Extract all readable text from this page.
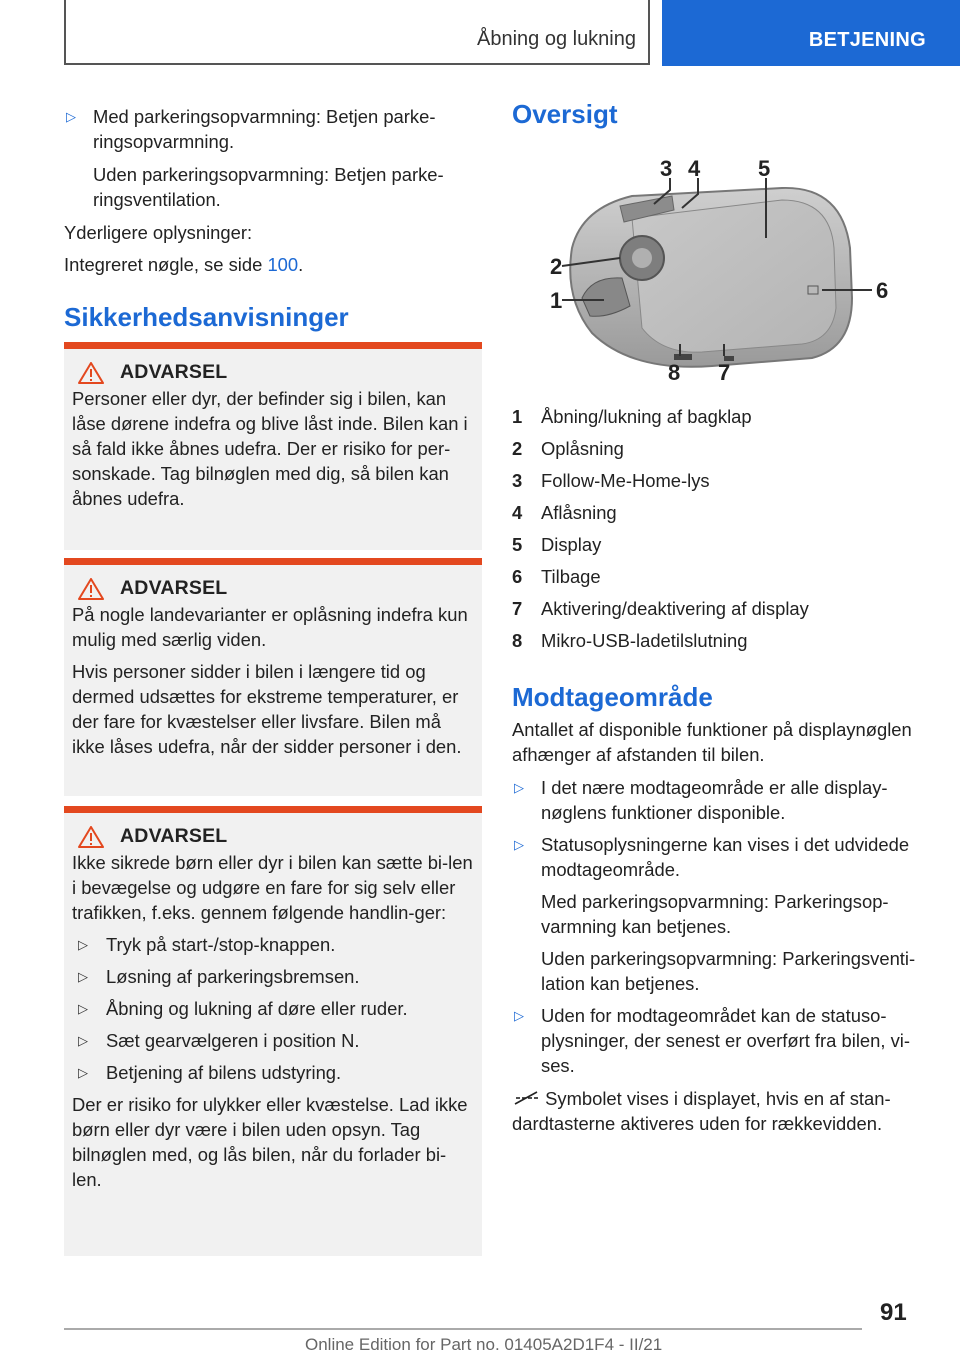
Åbning og lukning	BETJENING
▷ Med parkeringsopvarmning: Betjen parke-ringsopvarmning.
Uden parkeringsopvarmning: Betjen parke-ringsventilation.
Yderligere oplysninger:
Integreret nøgle, se side 100.
Sikkerhedsanvisninger
ADVARSEL
Personer eller dyr, der befinder sig i bilen, kan låse dørene indefra og blive låst inde. Bilen kan i så fald ikke åbnes udefra. Der er risiko for per-sonskade. Tag bilnøglen med dig, så bilen kan åbnes udefra.
ADVARSEL
På nogle landevarianter er oplåsning indefra kun mulig med særlig viden.
Hvis personer sidder i bilen i længere tid og dermed udsættes for ekstreme temperaturer, er der fare for kvæstelser eller livsfare. Bilen må ikke låses udefra, når der sidder personer i den.
ADVARSEL
Ikke sikrede børn eller dyr i bilen kan sætte bi-len i bevægelse og udgøre en fare for sig selv eller trafikken, f.eks. gennem følgende handlin-ger:
▷ Tryk på start-/stop-knappen.
▷ Løsning af parkeringsbremsen.
▷ Åbning og lukning af døre eller ruder.
▷ Sæt gearvælgeren i position N.
▷ Betjening af bilens udstyring.
Der er risiko for ulykker eller kvæstelse. Lad ikke børn eller dyr være i bilen uden opsyn. Tag bilnøglen med, og lås bilen, når du forlader bi-len.
Oversigt
1
2
3 4	5
6
7
8
1	Åbning/lukning af bagklap
2	Oplåsning
3	Follow-Me-Home-lys
4	Aflåsning
5	Display
6	Tilbage
7	Aktivering/deaktivering af display
8	Mikro-USB-ladetilslutning
Modtageområde
Antallet af disponible funktioner på displaynøglen afhænger af afstanden til bilen.
▷ I det nære modtageområde er alle display-nøglens funktioner disponible.
▷ Statusoplysningerne kan vises i det udvidede modtageområde.
Med parkeringsopvarmning: Parkeringsop-varmning kan betjenes.
Uden parkeringsopvarmning: Parkeringsventi-lation kan betjenes.
▷ Uden for modtageområdet kan de statuso-plysninger, der senest er overført fra bilen, vi-ses.
Symbolet vises i displayet, hvis en af stan-dardtasterne aktiveres uden for rækkevidden.
91
Online Edition for Part no. 01405A2D1F4 - II/21
